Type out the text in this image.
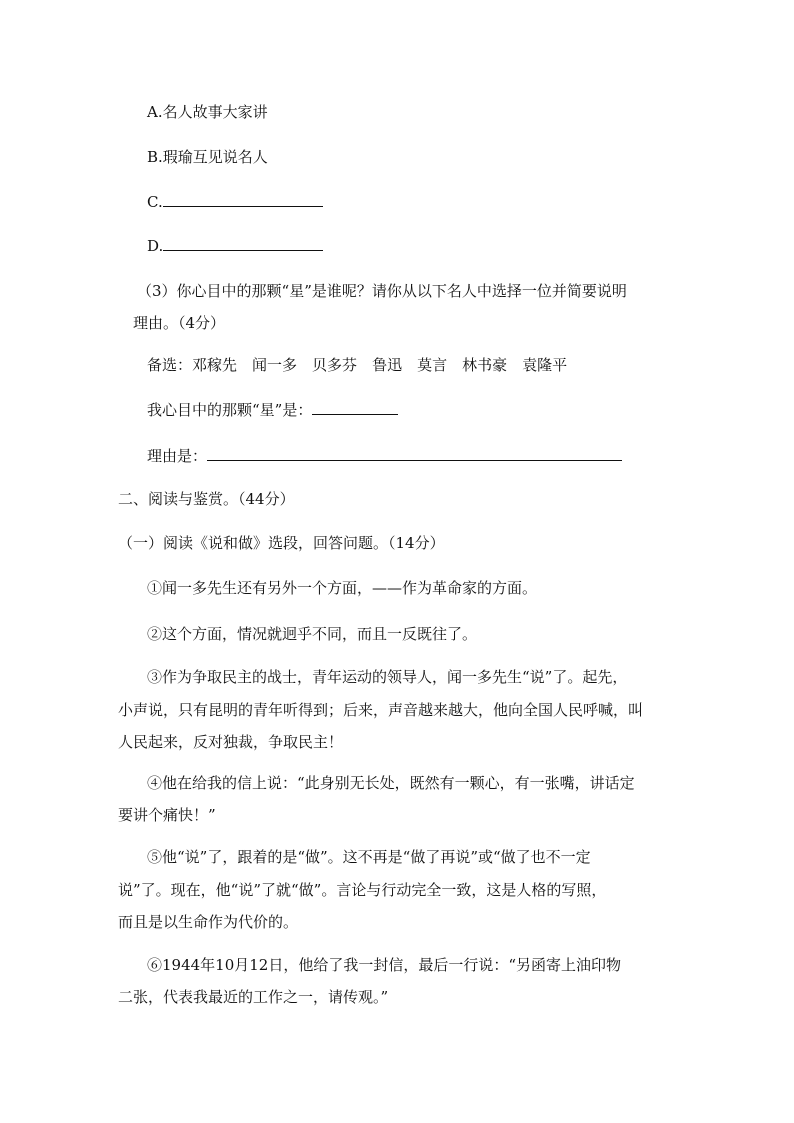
A.名人故事大家讲
B.瑕瑜互见说名人
C.
D.
（3）你心目中的那颗“星”是谁呢？请你从以下名人中选择一位并简要说明
理由。（4分）
备选：邓稼先 闻一多 贝多芬 鲁迅 莫言 林书豪 袁隆平
我心目中的那颗“星”是：
理由是：
二、阅读与鉴赏。（44分）
（一）阅读《说和做》选段，回答问题。（14分）
①闻一多先生还有另外一个方面，——作为革命家的方面。
②这个方面，情况就迥乎不同，而且一反既往了。
③作为争取民主的战士，青年运动的领导人，闻一多先生“说”了。起先，
小声说，只有昆明的青年听得到；后来，声音越来越大，他向全国人民呼喊，叫
人民起来，反对独裁，争取民主！
④他在给我的信上说：“此身别无长处，既然有一颗心，有一张嘴，讲话定
要讲个痛快！”
⑤他“说”了，跟着的是“做”。这不再是“做了再说”或“做了也不一定
说”了。现在，他“说”了就“做”。言论与行动完全一致，这是人格的写照，
而且是以生命作为代价的。
⑥1944年10月12日，他给了我一封信，最后一行说：“另函寄上油印物
二张，代表我最近的工作之一，请传观。”
